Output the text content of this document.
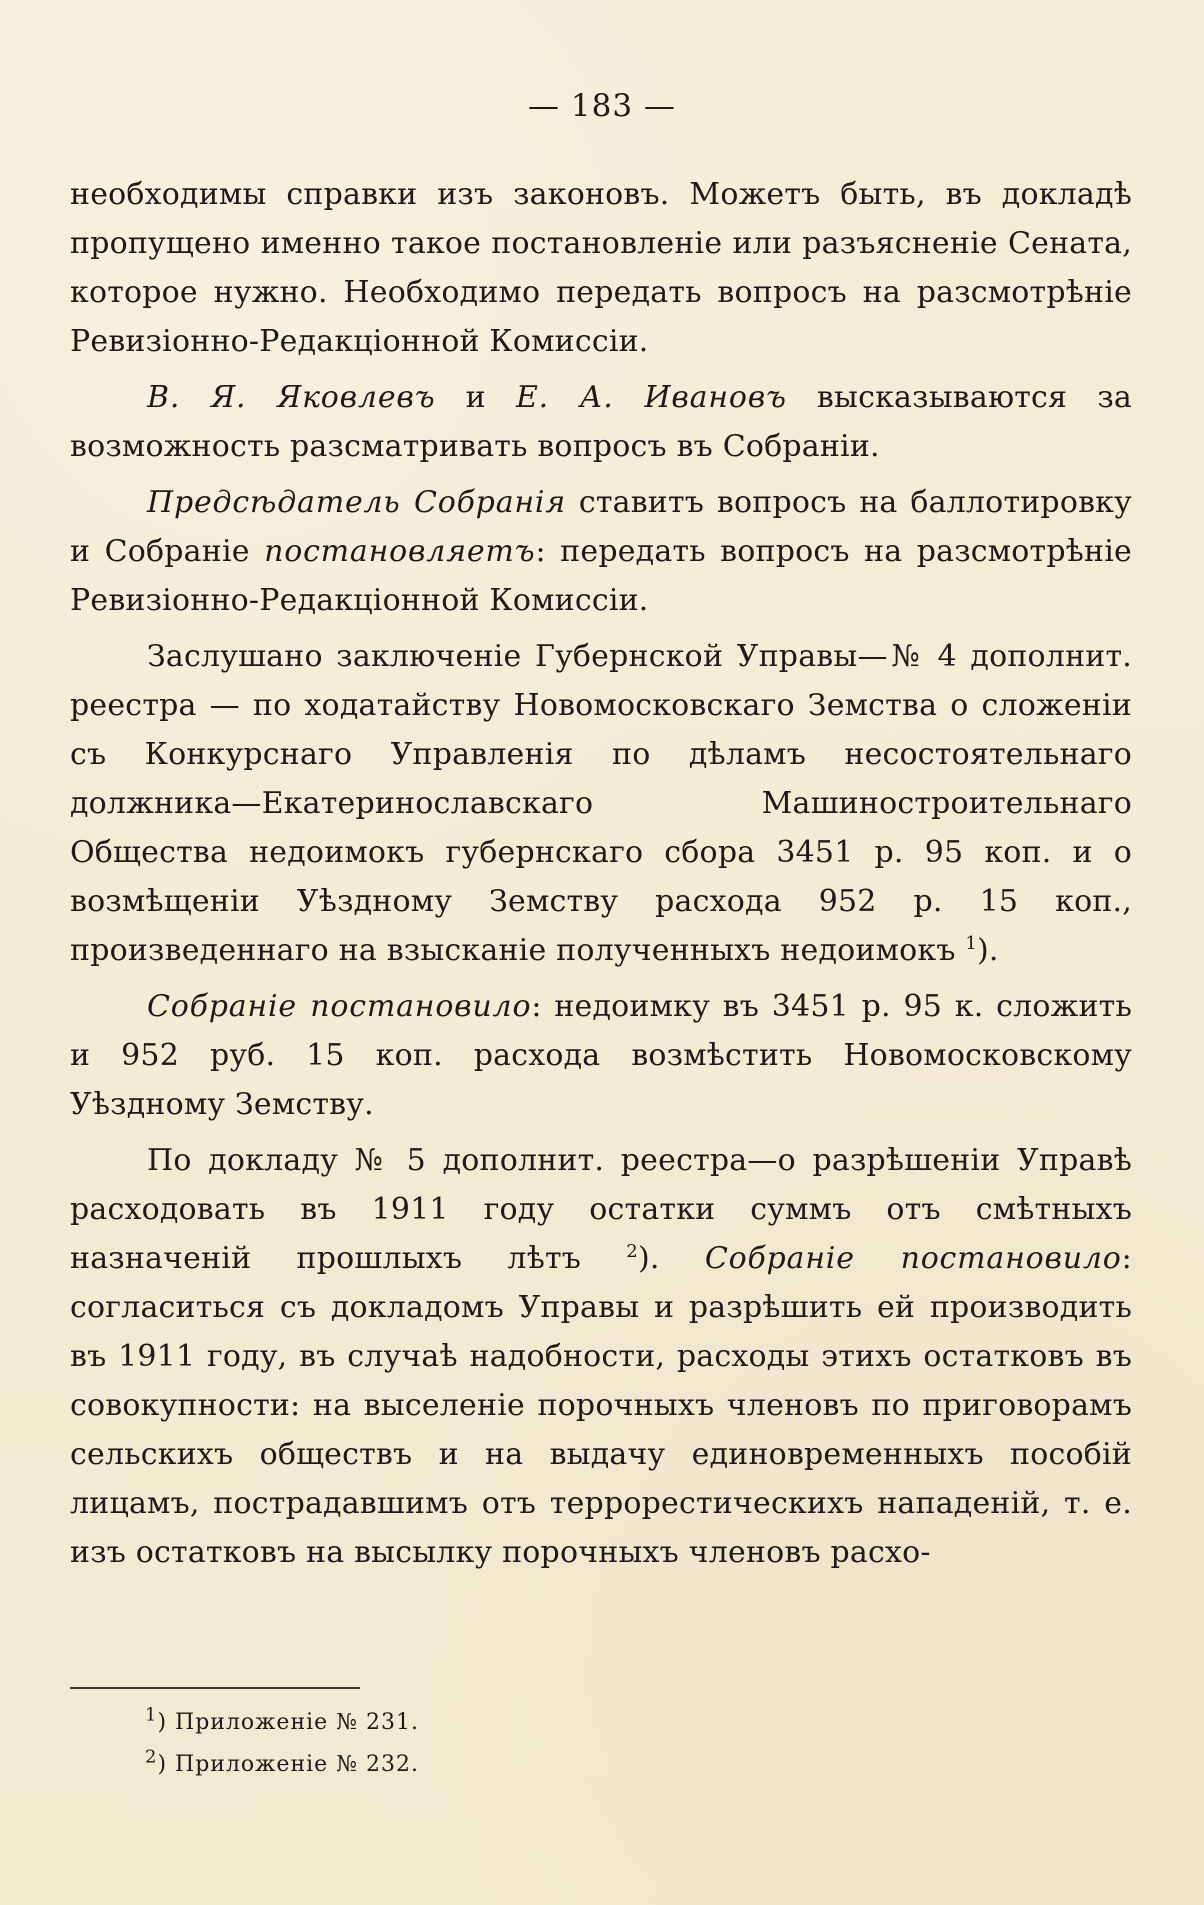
— 183 —

необходимы справки изъ законовъ. Можетъ быть, въ докладѣ пропущено именно такое постановленіе или разъясненіе Сената, которое нужно. Необходимо передать вопросъ на разсмотрѣніе Ревизіонно-Редакціонной Комиссіи.

В. Я. Яковлевъ и Е. А. Ивановъ высказываются за возможность разсматривать вопросъ въ Собраніи.

Предсѣдатель Собранія ставитъ вопросъ на баллотировку и Собраніе постановляетъ: передать вопросъ на разсмотрѣніе Ревизіонно-Редакціонной Комиссіи.

Заслушано заключеніе Губернской Управы—№ 4 дополнит. реестра — по ходатайству Новомосковскаго Земства о сложеніи съ Конкурснаго Управленія по дѣламъ несостоятельнаго должника—Екатеринославскаго Машиностроительнаго Общества недоимокъ губернскаго сбора 3451 р. 95 коп. и о возмѣщеніи Уѣздному Земству расхода 952 р. 15 коп., произведеннаго на взысканіе полученныхъ недоимокъ $^1$).

Собраніе постановило: недоимку въ 3451 р. 95 к. сложить и 952 руб. 15 коп. расхода возмѣстить Новомосковскому Уѣздному Земству.

По докладу № 5 дополнит. реестра—о разрѣшеніи Управѣ расходовать въ 1911 году остатки суммъ отъ смѣтныхъ назначеній прошлыхъ лѣтъ $^2$). Собраніе постановило: согласиться съ докладомъ Управы и разрѣшить ей производить въ 1911 году, въ случаѣ надобности, расходы этихъ остатковъ въ совокупности: на выселеніе порочныхъ членовъ по приговорамъ сельскихъ обществъ и на выдачу единовременныхъ пособій лицамъ, пострадавшимъ отъ террорестическихъ нападеній, т. е. изъ остатковъ на высылку порочныхъ членовъ расхо-

$^1$) Приложеніе № 231.

$^2$) Приложеніе № 232.
